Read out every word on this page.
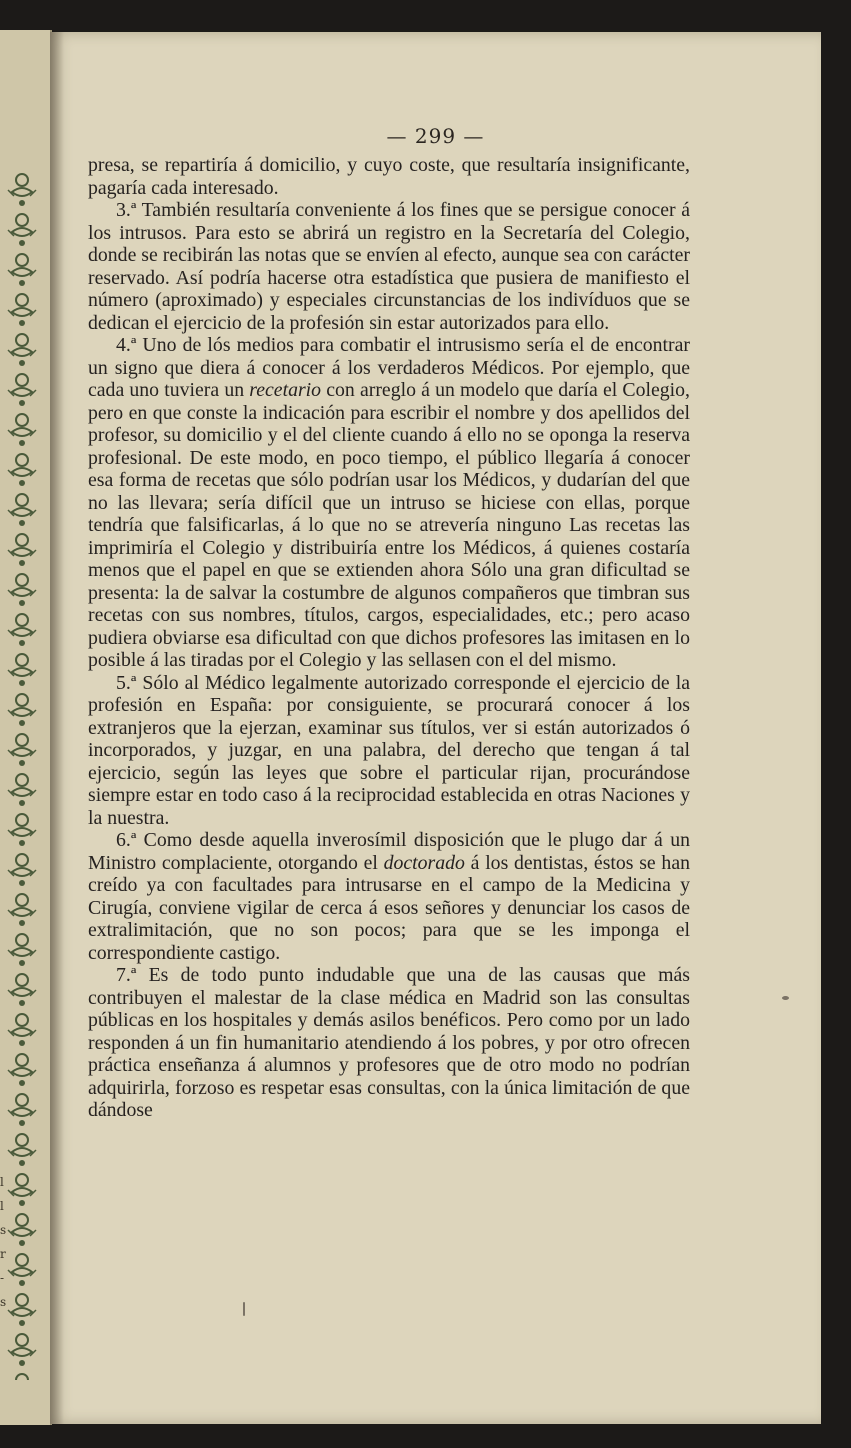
l
l
s
r
-
s
— 299 —

presa, se repartiría á domicilio, y cuyo coste, que resultaría insignificante, pagaría cada interesado.

3.ª También resultaría conveniente á los fines que se persigue conocer á los intrusos. Para esto se abrirá un registro en la Secretaría del Colegio, donde se recibirán las notas que se envíen al efecto, aunque sea con carácter reservado. Así podría hacerse otra estadística que pusiera de manifiesto el número (aproximado) y especiales circunstancias de los indivíduos que se dedican el ejercicio de la profesión sin estar autorizados para ello.

4.ª Uno de lós medios para combatir el intrusismo sería el de encontrar un signo que diera á conocer á los verdaderos Médicos. Por ejemplo, que cada uno tuviera un recetario con arreglo á un modelo que daría el Colegio, pero en que conste la indicación para escribir el nombre y dos apellidos del profesor, su domicilio y el del cliente cuando á ello no se oponga la reserva profesional. De este modo, en poco tiempo, el público llegaría á conocer esa forma de recetas que sólo podrían usar los Médicos, y dudarían del que no las llevara; sería difícil que un intruso se hiciese con ellas, porque tendría que falsificarlas, á lo que no se atrevería ninguno Las recetas las imprimiría el Colegio y distribuiría entre los Médicos, á quienes costaría menos que el papel en que se extienden ahora Sólo una gran dificultad se presenta: la de salvar la costumbre de algunos compañeros que timbran sus recetas con sus nombres, títulos, cargos, especialidades, etc.; pero acaso pudiera obviarse esa dificultad con que dichos profesores las imitasen en lo posible á las tiradas por el Colegio y las sellasen con el del mismo.

5.ª Sólo al Médico legalmente autorizado corresponde el ejercicio de la profesión en España: por consiguiente, se procurará conocer á los extranjeros que la ejerzan, examinar sus títulos, ver si están autorizados ó incorporados, y juzgar, en una palabra, del derecho que tengan á tal ejercicio, según las leyes que sobre el particular rijan, procurándose siempre estar en todo caso á la reciprocidad establecida en otras Naciones y la nuestra.

6.ª Como desde aquella inverosímil disposición que le plugo dar á un Ministro complaciente, otorgando el doctorado á los dentistas, éstos se han creído ya con facultades para intrusarse en el campo de la Medicina y Cirugía, conviene vigilar de cerca á esos señores y denunciar los casos de extralimitación, que no son pocos; para que se les imponga el correspondiente castigo.

7.ª Es de todo punto indudable que una de las causas que más contribuyen el malestar de la clase médica en Madrid son las consultas públicas en los hospitales y demás asilos benéficos. Pero como por un lado responden á un fin humanitario atendiendo á los pobres, y por otro ofrecen práctica enseñanza á alumnos y profesores que de otro modo no podrían adquirirla, forzoso es respetar esas consultas, con la única limitación de que dándose
